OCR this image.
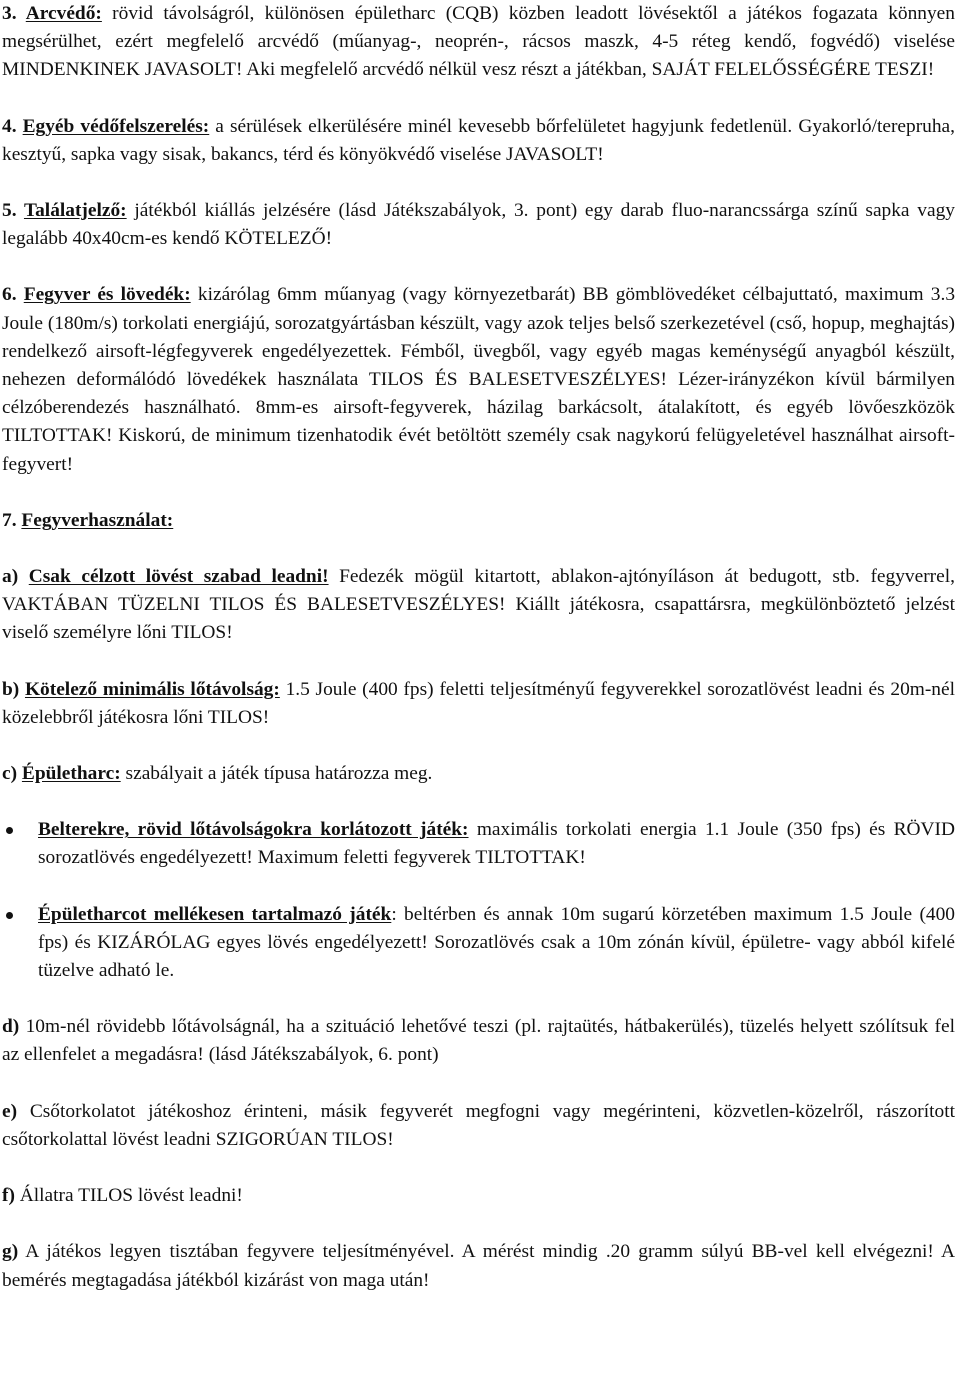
3. Arcvédő: rövid távolságról, különösen épületharc (CQB) közben leadott lövésektől a játékos fogazata könnyen megsérülhet, ezért megfelelő arcvédő (műanyag-, neoprén-, rácsos maszk, 4-5 réteg kendő, fogvédő) viselése MINDENKINEK JAVASOLT! Aki megfelelő arcvédő nélkül vesz részt a játékban, SAJÁT FELELŐSSÉGÉRE TESZI!

4. Egyéb védőfelszerelés: a sérülések elkerülésére minél kevesebb bőrfelületet hagyjunk fedetlenül. Gyakorló/terepruha, kesztyű, sapka vagy sisak, bakancs, térd és könyökvédő viselése JAVASOLT!

5. Találatjelző: játékból kiállás jelzésére (lásd Játékszabályok, 3. pont) egy darab fluo-narancssárga színű sapka vagy legalább 40x40cm-es kendő KÖTELEZŐ!

6. Fegyver és lövedék: kizárólag 6mm műanyag (vagy környezetbarát) BB gömblövedéket célbajuttató, maximum 3.3 Joule (180m/s) torkolati energiájú, sorozatgyártásban készült, vagy azok teljes belső szerkezetével (cső, hopup, meghajtás) rendelkező airsoft-légfegyverek engedélyezettek. Fémből, üvegből, vagy egyéb magas keménységű anyagból készült, nehezen deformálódó lövedékek használata TILOS ÉS BALESETVESZÉLYES! Lézer-irányzékon kívül bármilyen célzóberendezés használható. 8mm-es airsoft-fegyverek, házilag barkácsolt, átalakított, és egyéb lövőeszközök TILTOTTAK! Kiskorú, de minimum tizenhatodik évét betöltött személy csak nagykorú felügyeletével használhat airsoft-fegyvert!

7. Fegyverhasználat:

a) Csak célzott lövést szabad leadni! Fedezék mögül kitartott, ablakon-ajtónyíláson át bedugott, stb. fegyverrel, VAKTÁBAN TÜZELNI TILOS ÉS BALESETVESZÉLYES! Kiállt játékosra, csapattársra, megkülönböztető jelzést viselő személyre lőni TILOS!

b) Kötelező minimális lőtávolság: 1.5 Joule (400 fps) feletti teljesítményű fegyverekkel sorozatlövést leadni és 20m-nél közelebbről játékosra lőni TILOS!

c) Épületharc: szabályait a játék típusa határozza meg.

Belterekre, rövid lőtávolságokra korlátozott játék: maximális torkolati energia 1.1 Joule (350 fps) és RÖVID sorozatlövés engedélyezett! Maximum feletti fegyverek TILTOTTAK!
Épületharcot mellékesen tartalmazó játék: beltérben és annak 10m sugarú körzetében maximum 1.5 Joule (400 fps) és KIZÁRÓLAG egyes lövés engedélyezett! Sorozatlövés csak a 10m zónán kívül, épületre- vagy abból kifelé tüzelve adható le.

d) 10m-nél rövidebb lőtávolságnál, ha a szituáció lehetővé teszi (pl. rajtaütés, hátbakerülés), tüzelés helyett szólítsuk fel az ellenfelet a megadásra! (lásd Játékszabályok, 6. pont)

e) Csőtorkolatot játékoshoz érinteni, másik fegyverét megfogni vagy megérinteni, közvetlen-közelről, rászorított csőtorkolattal lövést leadni SZIGORÚAN TILOS!

f) Állatra TILOS lövést leadni!

g) A játékos legyen tisztában fegyvere teljesítményével. A mérést mindig .20 gramm súlyú BB-vel kell elvégezni! A bemérés megtagadása játékból kizárást von maga után!
